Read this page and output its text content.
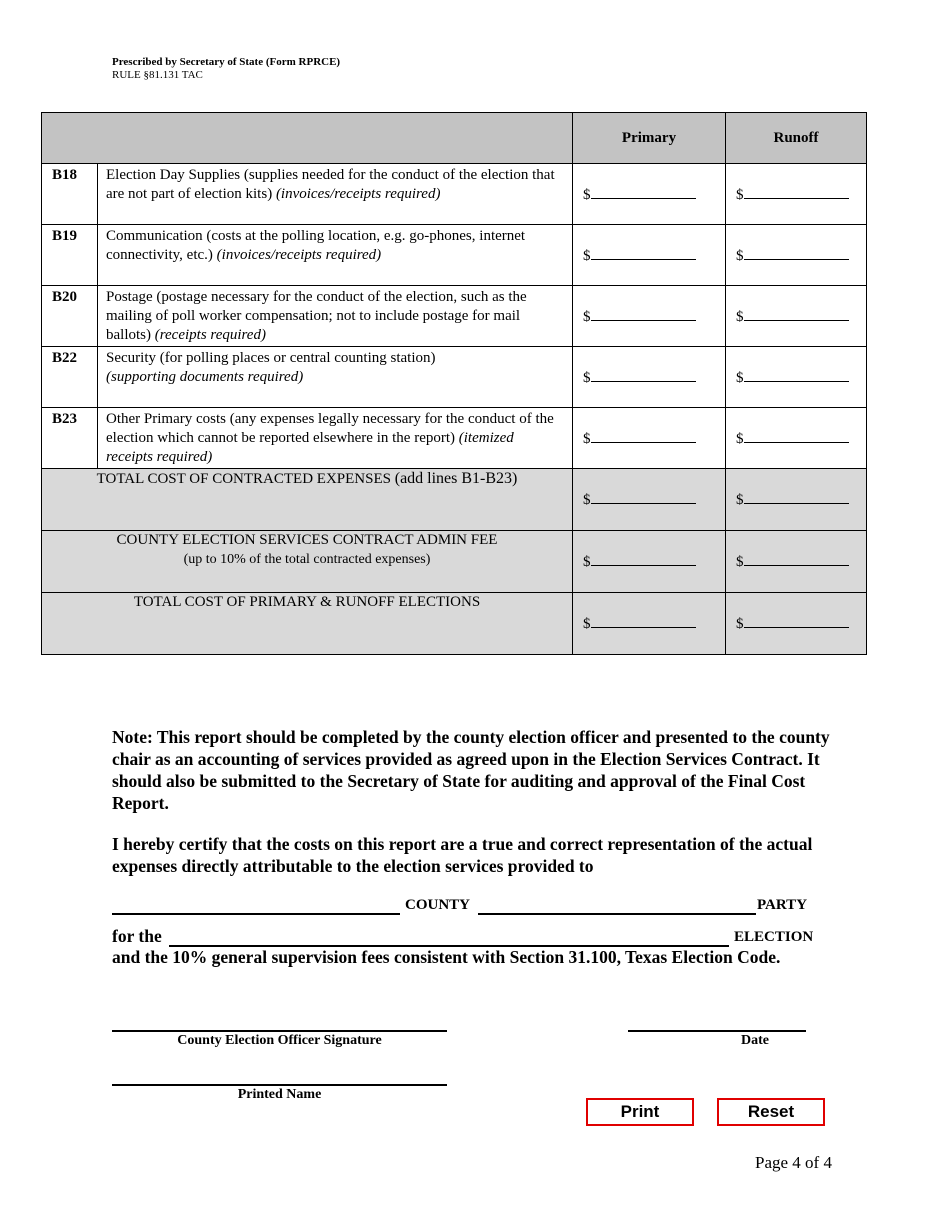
Prescribed by Secretary of State (Form RPRCE)
RULE §81.131 TAC
		Primary	Runoff
B18	Election Day Supplies (supplies needed for the conduct of the election that are not part of election kits) (invoices/receipts required)	$	$
B19	Communication (costs at the polling location, e.g. go-phones, internet connectivity, etc.) (invoices/receipts required)	$	$
B20	Postage (postage necessary for the conduct of the election, such as the mailing of poll worker compensation; not to include postage for mail ballots) (receipts required)	$	$
B22	Security (for polling places or central counting station)
(supporting documents required)	$	$
B23	Other Primary costs (any expenses legally necessary for the conduct of the election which cannot be reported elsewhere in the report) (itemized receipts required)	$	$
TOTAL COST OF CONTRACTED EXPENSES (add lines B1-B23)		$	$

COUNTY ELECTION SERVICES CONTRACT ADMIN FEE
(up to 10% of the total contracted expenses)		$	$
TOTAL COST OF PRIMARY & RUNOFF ELECTIONS		$	$
Note: This report should be completed by the county election officer and presented to the county chair as an accounting of services provided as agreed upon in the Election Services Contract. It should also be submitted to the Secretary of State for auditing and approval of the Final Cost Report.
I hereby certify that the costs on this report are a true and correct representation of the actual expenses directly attributable to the election services provided to
COUNTY	PARTY
for the	ELECTION
and the 10% general supervision fees consistent with Section 31.100, Texas Election Code.
County Election Officer Signature	Date
Printed Name
Print	Reset
Page 4 of 4
